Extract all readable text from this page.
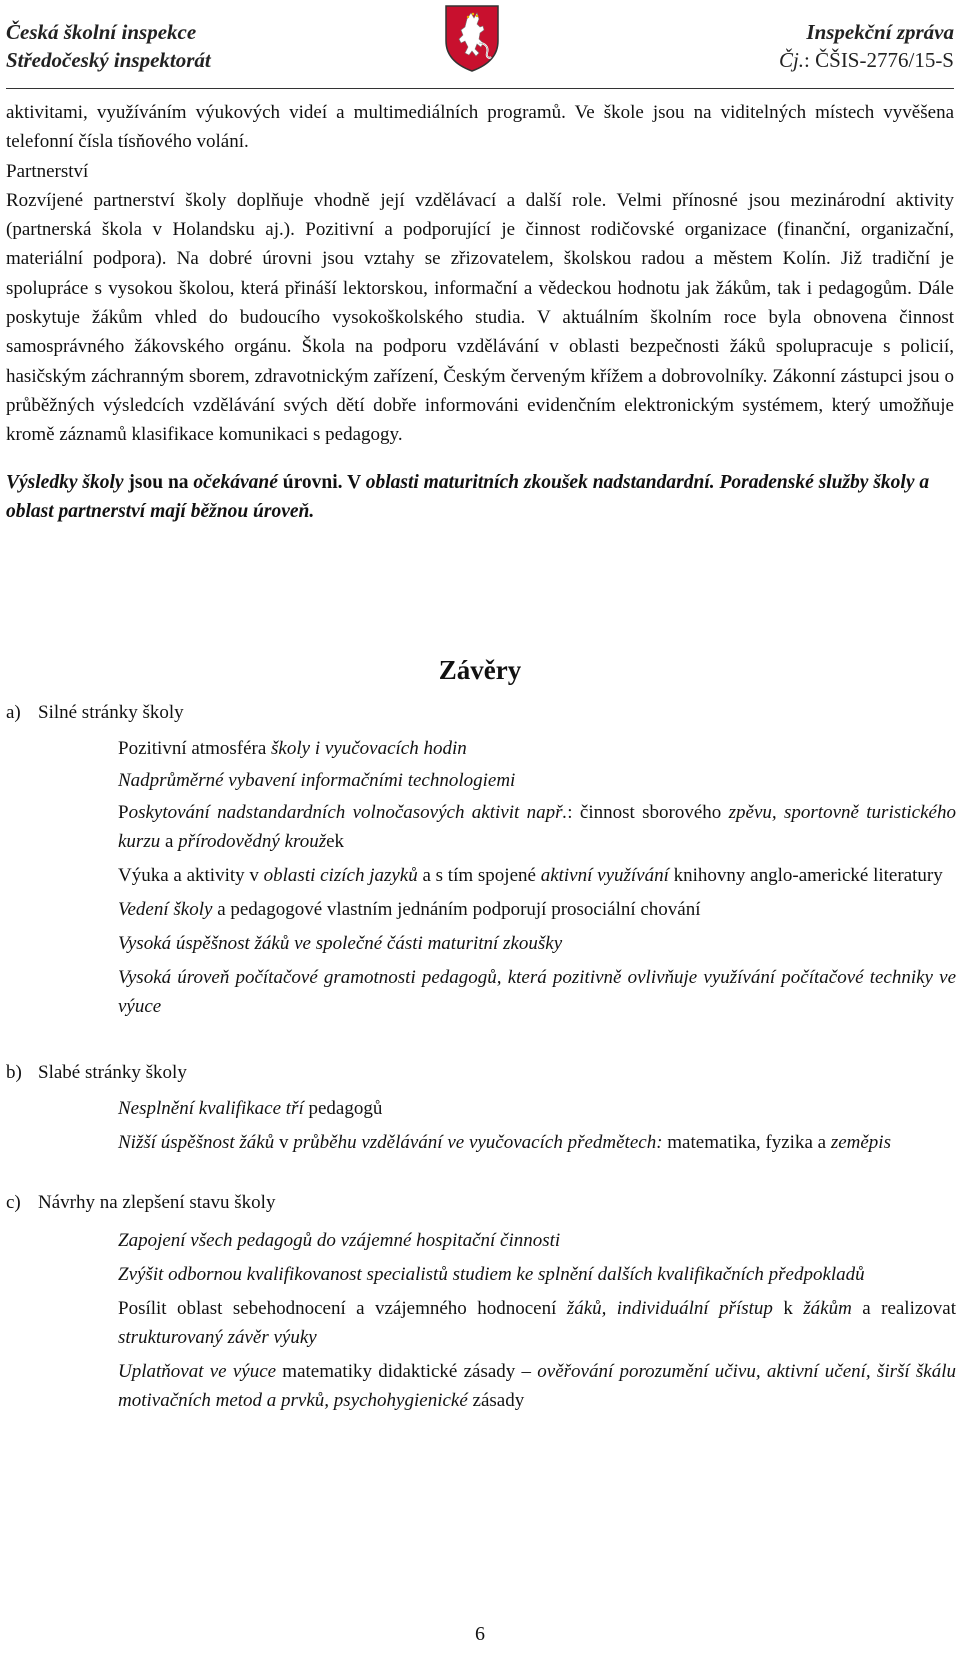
Česká školní inspekce
Středočeský inspektorát
Inspekční zpráva
Čj.: ČŠIS-2776/15-S

aktivitami, využíváním výukových videí a multimediálních programů. Ve škole jsou na viditelných místech vyvěšena telefonní čísla tísňového volání.

Partnerství

Rozvíjené partnerství školy doplňuje vhodně její vzdělávací a další role. Velmi přínosné jsou mezinárodní aktivity (partnerská škola v Holandsku aj.). Pozitivní a podporující je činnost rodičovské organizace (finanční, organizační, materiální podpora). Na dobré úrovni jsou vztahy se zřizovatelem, školskou radou a městem Kolín. Již tradiční je spolupráce s vysokou školou, která přináší lektorskou, informační a vědeckou hodnotu jak žákům, tak i pedagogům. Dále poskytuje žákům vhled do budoucího vysokoškolského studia. V aktuálním školním roce byla obnovena činnost samosprávného žákovského orgánu. Škola na podporu vzdělávání v oblasti bezpečnosti žáků spolupracuje s policií, hasičským záchranným sborem, zdravotnickým zařízení, Českým červeným křížem a dobrovolníky. Zákonní zástupci jsou o průběžných výsledcích vzdělávání svých dětí dobře informováni evidenčním elektronickým systémem, který umožňuje kromě záznamů klasifikace komunikaci s pedagogy.

Výsledky školy jsou na očekávané úrovni. V oblasti maturitních zkoušek nadstandardní. Poradenské služby školy a oblast partnerství mají běžnou úroveň.

Závěry
a) Silné stránky školy

Pozitivní atmosféra školy i vyučovacích hodin

Nadprůměrné vybavení informačními technologiemi

Poskytování nadstandardních volnočasových aktivit např.: činnost sborového zpěvu, sportovně turistického kurzu a přírodovědný kroužek

Výuka a aktivity v oblasti cizích jazyků a s tím spojené aktivní využívání knihovny anglo-americké literatury

Vedení školy a pedagogové vlastním jednáním podporují prosociální chování

Vysoká úspěšnost žáků ve společné části maturitní zkoušky

Vysoká úroveň počítačové gramotnosti pedagogů, která pozitivně ovlivňuje využívání počítačové techniky ve výuce

b) Slabé stránky školy

Nesplnění kvalifikace tří pedagogů

Nižší úspěšnost žáků v průběhu vzdělávání ve vyučovacích předmětech: matematika, fyzika a zeměpis

c) Návrhy na zlepšení stavu školy

Zapojení všech pedagogů do vzájemné hospitační činnosti

Zvýšit odbornou kvalifikovanost specialistů studiem ke splnění dalších kvalifikačních předpokladů

Posílit oblast sebehodnocení a vzájemného hodnocení žáků, individuální přístup k žákům a realizovat strukturovaný závěr výuky

Uplatňovat ve výuce matematiky didaktické zásady – ověřování porozumění učivu, aktivní učení, širší škálu motivačních metod a prvků, psychohygienické zásady

6
